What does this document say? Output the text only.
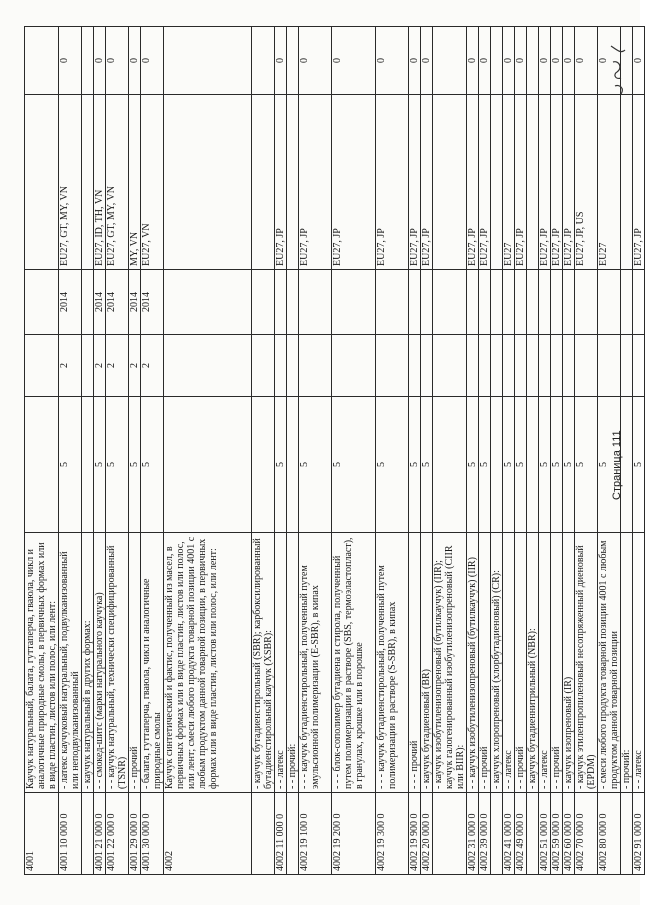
4001	Каучук натуральный, балата, гуттаперча, гваюла, чикл и аналогичные природные смолы, в первичных формах или в виде пластин, листов или полос, или лент:					
4001 10 000 0	- латекс каучуковый натуральный, подвулканизованный или неподвулканизованный	5	2	2014	EU27, GT, MY, VN	0
	- каучук натуральный в других формах:					
4001 21 000 0	- - смокед-шитс (марки натурального каучука)	5	2	2014	EU27, ID, TH, VN	0
4001 22 000 0	- - каучук натуральный, технически специфицированный (TSNR)	5	2	2014	EU27, GT, MY, VN	0
4001 29 000 0	- - прочий	5	2	2014	MY, VN	0
4001 30 000 0	- балата, гуттаперча, гваюла, чикл и аналогичные природные смолы	5	2	2014	EU27, VN	0
4002	Каучук синтетический и фактис, полученный из масел, в первичных формах или в виде пластин, листов или полос, или лент; смеси любого продукта товарной позиции 4001 с любым продуктом данной товарной позиции, в первичных формах или в виде пластин, листов или полос, или лент:					
	- каучук бутадиенстирольный (SBR); карбоксилированный бутадиенстирольный каучук (XSBR):					
4002 11 000 0	- - латекс	5			EU27, JP	0
	- - прочий:					
4002 19 100 0	- - - каучук бутадиенстирольный, полученный путем эмульсионной полимеризации (E-SBR), в кипах	5			EU27, JP	0
4002 19 200 0	- - - блок-сополимер бутадиена и стирола, полученный путем полимеризации в растворе (SBS, термоэластопласт), в гранулах, крошке или в порошке	5			EU27, JP	0
4002 19 300 0	- - - каучук бутадиенстирольный, полученный путем полимеризации в растворе (S-SBR), в кипах	5			EU27, JP	0
4002 19 900 0	- - - прочий	5			EU27, JP	0
4002 20 000 0	- каучук бутадиеновый (BR)	5			EU27, JP	0
	- каучук изобутиленизопреновый (бутилкаучук) (IIR); каучук галогенированный изобутиленизопреновый (CIIR или BIIR):					
4002 31 000 0	- - каучук изобутиленизопреновый (бутилкаучук) (IIR)	5			EU27, JP	0
4002 39 000 0	- - прочий	5			EU27, JP	0
	- каучук хлоропреновый (хлорбутадиеновый) (CR):					
4002 41 000 0	- - латекс	5			EU27	0
4002 49 000 0	- - прочий	5			EU27, JP	0
	- каучук бутадиеннитрильный (NBR):					
4002 51 000 0	- - латекс	5			EU27, JP	0
4002 59 000 0	- - прочий	5			EU27, JP	0
4002 60 000 0	- каучук изопреновый (IR)	5			EU27, JP	0
4002 70 000 0	- каучук этиленпропиленовый несопряженный диеновый (EPDM)	5			EU27, JP, US	0
4002 80 000 0	- смеси любого продукта товарной позиции 4001 с любым продуктом данной товарной позиции	5			EU27	0
	- прочий:					
4002 91 000 0	- - латекс	5			EU27, JP	0
Страница 111
